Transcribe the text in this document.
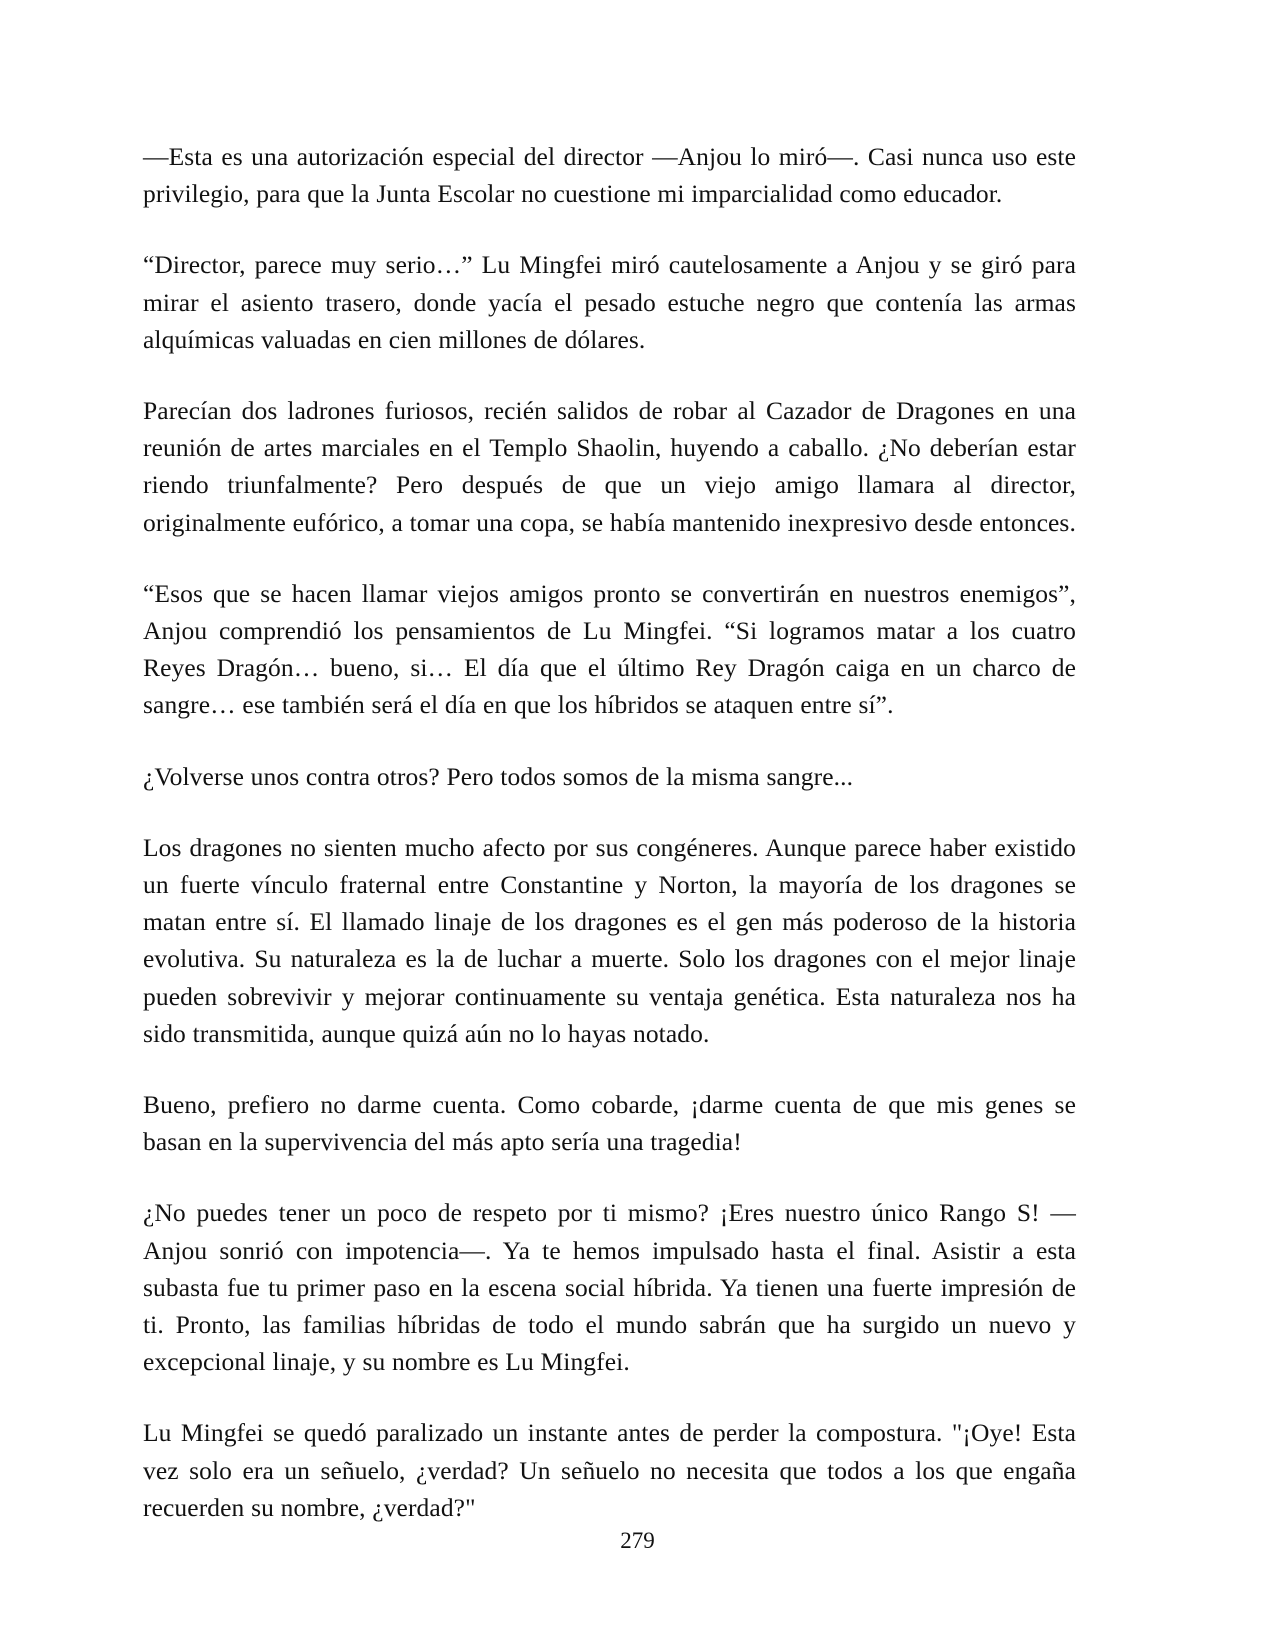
—Esta es una autorización especial del director —Anjou lo miró—. Casi nunca uso este privilegio, para que la Junta Escolar no cuestione mi imparcialidad como educador.

“Director, parece muy serio…” Lu Mingfei miró cautelosamente a Anjou y se giró para mirar el asiento trasero, donde yacía el pesado estuche negro que contenía las armas alquímicas valuadas en cien millones de dólares.

Parecían dos ladrones furiosos, recién salidos de robar al Cazador de Dragones en una reunión de artes marciales en el Templo Shaolin, huyendo a caballo. ¿No deberían estar riendo triunfalmente? Pero después de que un viejo amigo llamara al director, originalmente eufórico, a tomar una copa, se había mantenido inexpresivo desde entonces.

“Esos que se hacen llamar viejos amigos pronto se convertirán en nuestros enemigos”, Anjou comprendió los pensamientos de Lu Mingfei. “Si logramos matar a los cuatro Reyes Dragón… bueno, si… El día que el último Rey Dragón caiga en un charco de sangre… ese también será el día en que los híbridos se ataquen entre sí”.

¿Volverse unos contra otros? Pero todos somos de la misma sangre...

Los dragones no sienten mucho afecto por sus congéneres. Aunque parece haber existido un fuerte vínculo fraternal entre Constantine y Norton, la mayoría de los dragones se matan entre sí. El llamado linaje de los dragones es el gen más poderoso de la historia evolutiva. Su naturaleza es la de luchar a muerte. Solo los dragones con el mejor linaje pueden sobrevivir y mejorar continuamente su ventaja genética. Esta naturaleza nos ha sido transmitida, aunque quizá aún no lo hayas notado.

Bueno, prefiero no darme cuenta. Como cobarde, ¡darme cuenta de que mis genes se basan en la supervivencia del más apto sería una tragedia!

¿No puedes tener un poco de respeto por ti mismo? ¡Eres nuestro único Rango S! —Anjou sonrió con impotencia—. Ya te hemos impulsado hasta el final. Asistir a esta subasta fue tu primer paso en la escena social híbrida. Ya tienen una fuerte impresión de ti. Pronto, las familias híbridas de todo el mundo sabrán que ha surgido un nuevo y excepcional linaje, y su nombre es Lu Mingfei.

Lu Mingfei se quedó paralizado un instante antes de perder la compostura. "¡Oye! Esta vez solo era un señuelo, ¿verdad? Un señuelo no necesita que todos a los que engaña recuerden su nombre, ¿verdad?"

279
